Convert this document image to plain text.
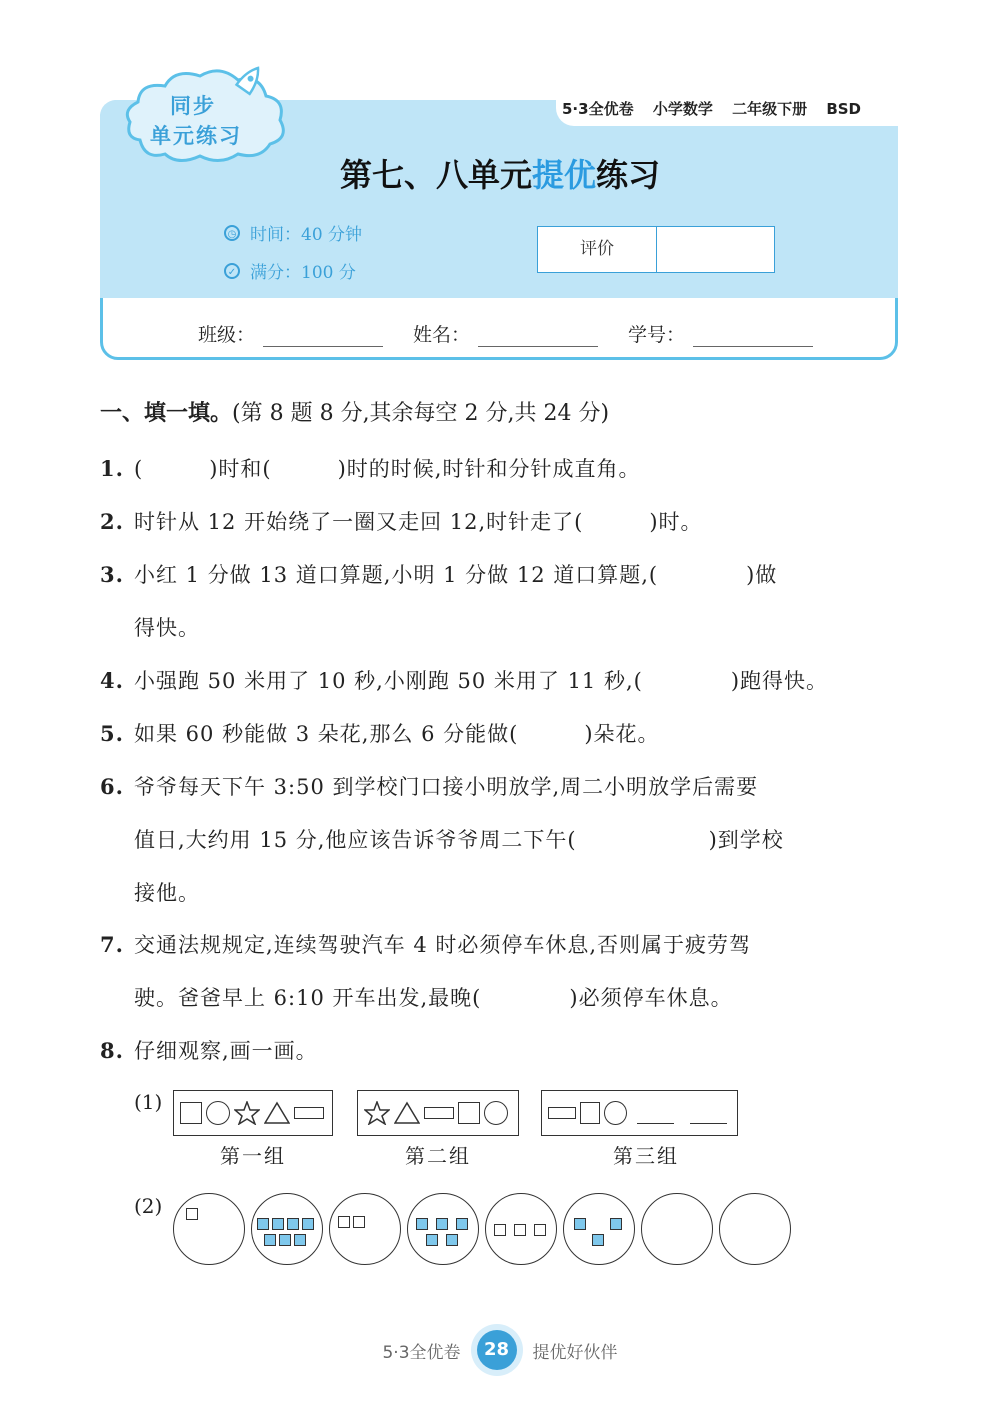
5·3全优卷 小学数学 二年级下册 BSD
同步
单元练习
第七、八单元提优练习
◷ 时间：40 分钟
✓ 满分：100 分
评价
班级：	姓名：	学号：
一、填一填。(第 8 题 8 分,其余每空 2 分,共 24 分)
1. (　　　)时和(　　　)时的时候,时针和分针成直角。
2. 时针从 12 开始绕了一圈又走回 12,时针走了(　　　)时。
3. 小红 1 分做 13 道口算题,小明 1 分做 12 道口算题,(　　　　)做
得快。
4. 小强跑 50 米用了 10 秒,小刚跑 50 米用了 11 秒,(　　　　)跑得快。
5. 如果 60 秒能做 3 朵花,那么 6 分能做(　　　)朵花。
6. 爷爷每天下午 3:50 到学校门口接小明放学,周二小明放学后需要
值日,大约用 15 分,他应该告诉爷爷周二下午(　　　　　　)到学校
接他。
7. 交通法规规定,连续驾驶汽车 4 时必须停车休息,否则属于疲劳驾
驶。爸爸早上 6:10 开车出发,最晚(　　　　)必须停车休息。
8. 仔细观察,画一画。
(1)
第一组	第二组	第三组
(2)
5·3全优卷	28	提优好伙伴
